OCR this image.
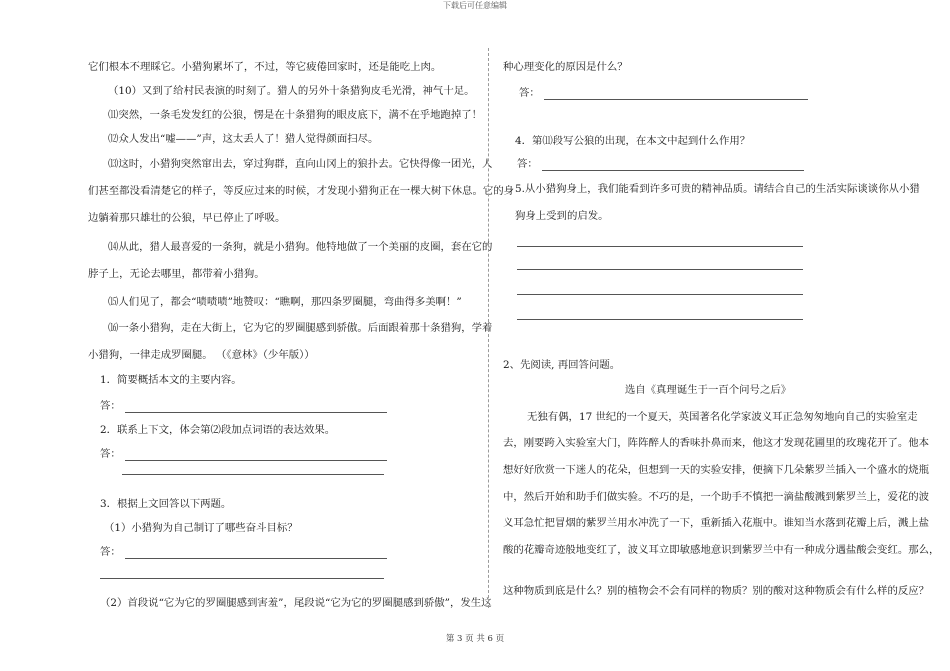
下载后可任意编辑
它们根本不理睬它。小猎狗累坏了，不过，等它疲倦回家时，还是能吃上肉。
（10）又到了给村民表演的时刻了。猎人的另外十条猎狗皮毛光滑，神气十足。
⑾突然，一条毛发发红的公狼，愣是在十条猎狗的眼皮底下，满不在乎地跑掉了！
⑿众人发出“嘘——”声，这太丢人了！猎人觉得颜面扫尽。
⒀这时，小猎狗突然窜出去，穿过狗群，直向山冈上的狼扑去。它快得像一团光，人
们甚至都没看清楚它的样子，等反应过来的时候，才发现小猎狗正在一棵大树下休息。它的身
边躺着那只雄壮的公狼，早已停止了呼吸。
⒁从此，猎人最喜爱的一条狗，就是小猎狗。他特地做了一个美丽的皮圈，套在它的
脖子上，无论去哪里，都带着小猎狗。
⒂人们见了，都会“啧啧啧”地赞叹：“瞧啊，那四条罗圈腿，弯曲得多美啊！”
⒃一条小猎狗，走在大街上，它为它的罗圈腿感到骄傲。后面跟着那十条猎狗，学着
小猎狗，一律走成罗圈腿。 （《意林》（少年版））
1．简要概括本文的主要内容。
答：
2．联系上下文，体会第⑵段加点词语的表达效果。
答：
3．根据上文回答以下两题。
（1）小猎狗为自己制订了哪些奋斗目标？
答：
（2）首段说“它为它的罗圈腿感到害羞”，尾段说“它为它的罗圈腿感到骄傲”，发生这
种心理变化的原因是什么？
答：
4．第⑾段写公狼的出现，在本文中起到什么作用？
答：
5.从小猎狗身上，我们能看到许多可贵的精神品质。请结合自己的生活实际谈谈你从小猎
狗身上受到的启发。
2、先阅读, 再回答问题。
选自《真理诞生于一百个问号之后》
无独有偶，17 世纪的一个夏天，英国著名化学家波义耳正急匆匆地向自己的实验室走
去，刚要跨入实验室大门，阵阵醉人的香味扑鼻而来，他这才发现花圃里的玫瑰花开了。他本
想好好欣赏一下迷人的花朵，但想到一天的实验安排，便摘下几朵紫罗兰插入一个盛水的烧瓶
中，然后开始和助手们做实验。不巧的是，一个助手不慎把一滴盐酸溅到紫罗兰上，爱花的波
义耳急忙把冒烟的紫罗兰用水冲洗了一下，重新插入花瓶中。谁知当水落到花瓣上后，溅上盐
酸的花瓣奇迹般地变红了，波义耳立即敏感地意识到紫罗兰中有一种成分遇盐酸会变红。那么，
这种物质到底是什么？别的植物会不会有同样的物质？别的酸对这种物质会有什么样的反应？
第 3 页 共 6 页
